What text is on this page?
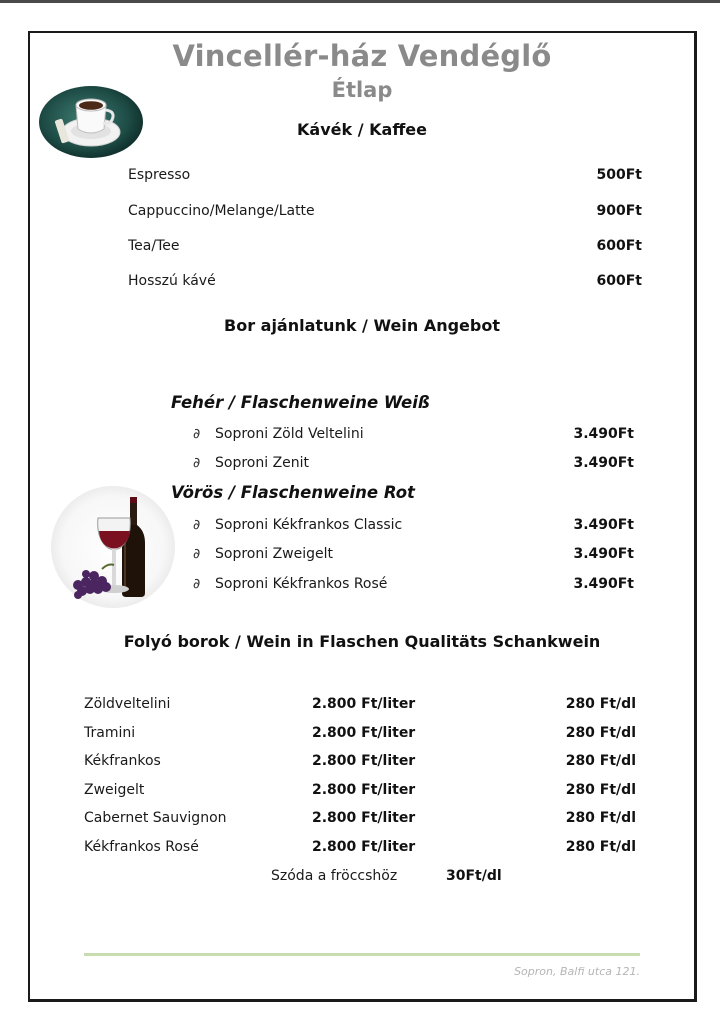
Vincellér-ház Vendéglő
Étlap
Kávék / Kaffee
Espresso	500Ft
Cappuccino/Melange/Latte	900Ft
Tea/Tee	600Ft
Hosszú kávé	600Ft
Bor ajánlatunk / Wein Angebot
Fehér / Flaschenweine Weiß
∂ Soproni Zöld Veltelini	3.490Ft
∂ Soproni Zenit	3.490Ft
Vörös / Flaschenweine Rot
∂ Soproni Kékfrankos Classic	3.490Ft
∂ Soproni Zweigelt	3.490Ft
∂ Soproni Kékfrankos Rosé	3.490Ft
Folyó borok / Wein in Flaschen Qualitäts Schankwein
Zöldveltelini	2.800 Ft/liter	280 Ft/dl
Tramini	2.800 Ft/liter	280 Ft/dl
Kékfrankos	2.800 Ft/liter	280 Ft/dl
Zweigelt	2.800 Ft/liter	280 Ft/dl
Cabernet Sauvignon	2.800 Ft/liter	280 Ft/dl
Kékfrankos Rosé	2.800 Ft/liter	280 Ft/dl
Szóda a fröccshöz	30Ft/dl
Sopron, Balfi utca 121.
